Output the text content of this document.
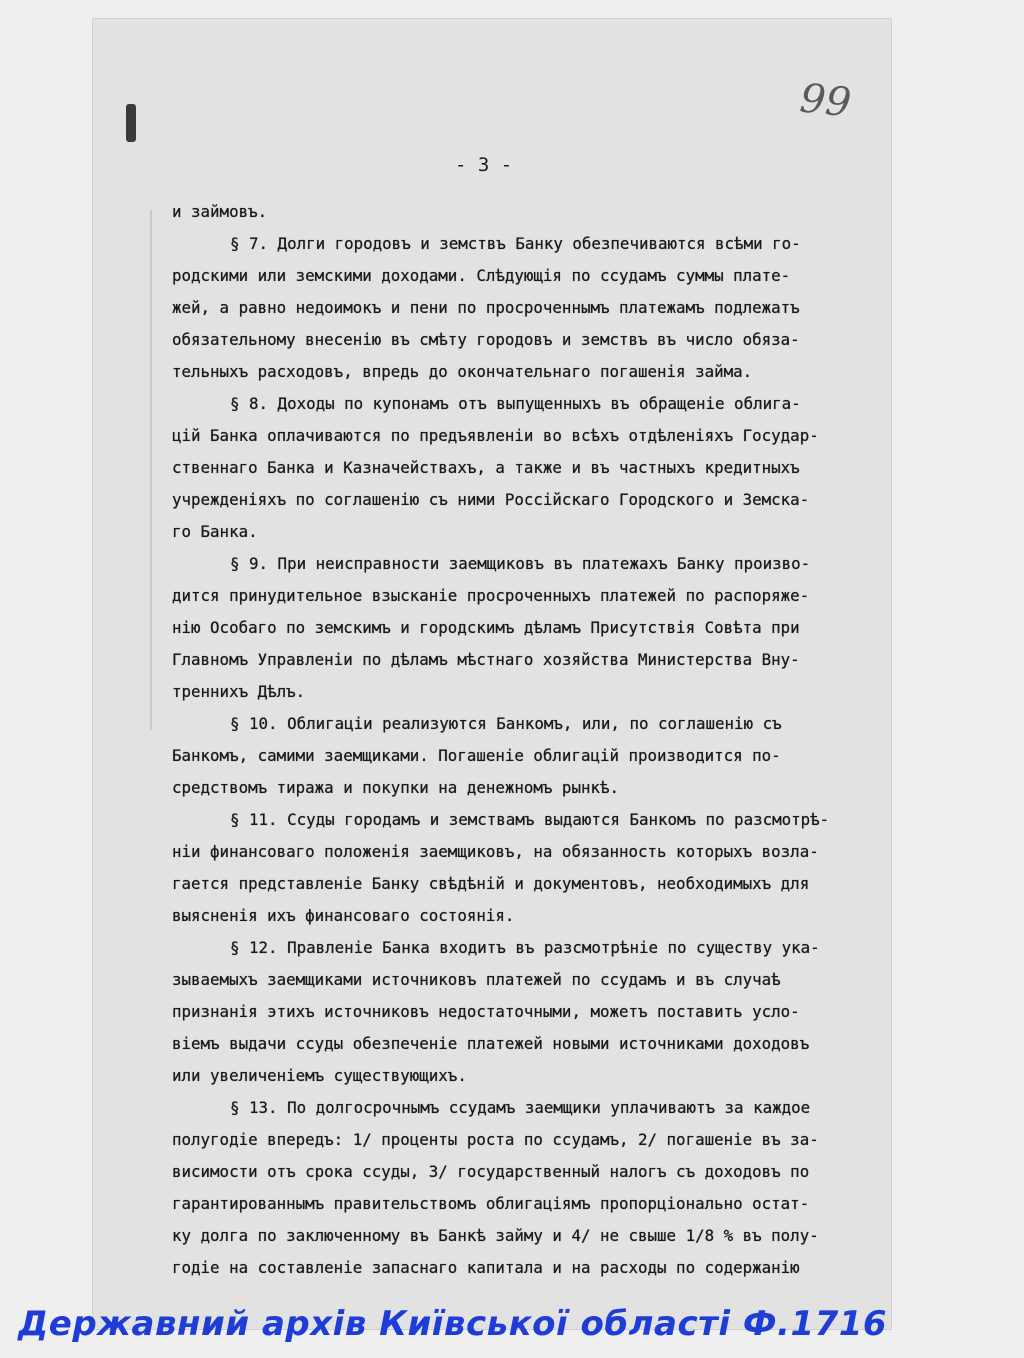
99
- 3 -
и займовъ.
§ 7. Долги городовъ и земствъ Банку обезпечиваются всѣми го-
родскими или земскими доходами. Слѣдующія по ссудамъ суммы плате-
жей, а равно недоимокъ и пени по просроченнымъ платежамъ подлежатъ
обязательному внесенію въ смѣту городовъ и земствъ въ число обяза-
тельныхъ расходовъ, впредь до окончательнаго погашенія займа.
§ 8. Доходы по купонамъ отъ выпущенныхъ въ обращеніе облига-
цій Банка оплачиваются по предъявленіи во всѣхъ отдѣленіяхъ Государ-
ственнаго Банка и Казначействахъ, а также и въ частныхъ кредитныхъ
учрежденіяхъ по соглашенію съ ними Россійскаго Городского и Земска-
го Банка.
§ 9. При неисправности заемщиковъ въ платежахъ Банку произво-
дится принудительное взысканіе просроченныхъ платежей по распоряже-
нію Особаго по земскимъ и городскимъ дѣламъ Присутствія Совѣта при
Главномъ Управленіи по дѣламъ мѣстнаго хозяйства Министерства Вну-
треннихъ Дѣлъ.
§ 10. Облигаціи реализуются Банкомъ, или, по соглашенію съ
Банкомъ, самими заемщиками. Погашеніе облигацій производится по-
средствомъ тиража и покупки на денежномъ рынкѣ.
§ 11. Ссуды городамъ и земствамъ выдаются Банкомъ по разсмотрѣ-
ніи финансоваго положенія заемщиковъ, на обязанность которыхъ возла-
гается представленіе Банку свѣдѣній и документовъ, необходимыхъ для
выясненія ихъ финансоваго состоянія.
§ 12. Правленіе Банка входитъ въ разсмотрѣніе по существу ука-
зываемыхъ заемщиками источниковъ платежей по ссудамъ и въ случаѣ
признанія этихъ источниковъ недостаточными, можетъ поставить усло-
віемъ выдачи ссуды обезпеченіе платежей новыми источниками доходовъ
или увеличеніемъ существующихъ.
§ 13. По долгосрочнымъ ссудамъ заемщики уплачиваютъ за каждое
полугодіе впередъ: 1/ проценты роста по ссудамъ, 2/ погашеніе въ за-
висимости отъ срока ссуды, 3/ государственный налогъ съ доходовъ по
гарантированнымъ правительствомъ облигаціямъ пропорціонально остат-
ку долга по заключенному въ Банкѣ займу и 4/ не свыше 1/8 % въ полу-
годіе на составленіе запаснаго капитала и на расходы по содержанію
Державний архів Київської області Ф.1716
